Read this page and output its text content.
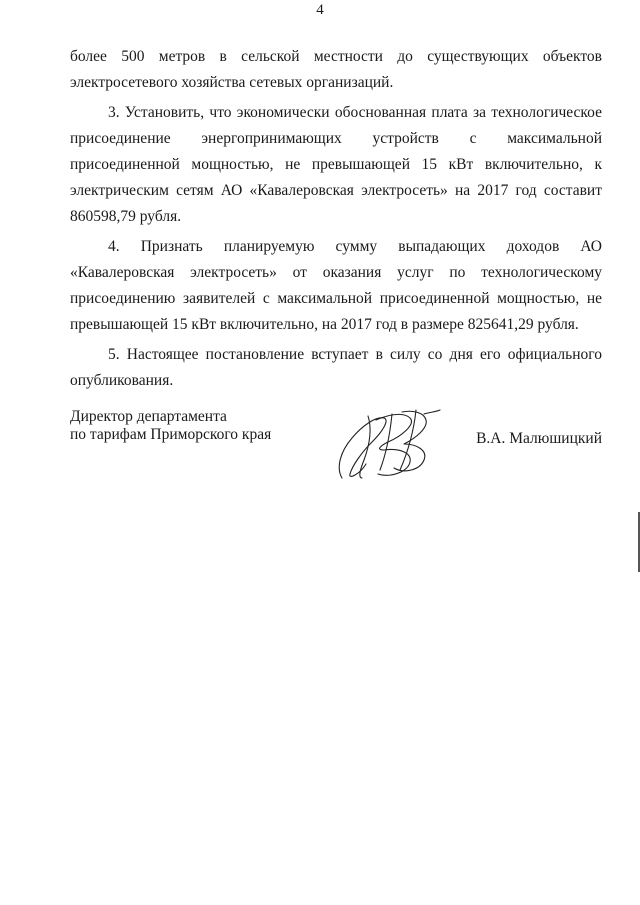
4

более 500 метров в сельской местности до существующих объектов электросетевого хозяйства сетевых организаций.

3. Установить, что экономически обоснованная плата за технологическое присоединение энергопринимающих устройств с максимальной присоединенной мощностью, не превышающей 15 кВт включительно, к электрическим сетям АО «Кавалеровская электросеть» на 2017 год составит 860598,79 рубля.

4. Признать планируемую сумму выпадающих доходов АО «Кавалеровская электросеть» от оказания услуг по технологическому присоединению заявителей с максимальной присоединенной мощностью, не превышающей 15 кВт включительно, на 2017 год в размере 825641,29 рубля.

5. Настоящее постановление вступает в силу со дня его официального опубликования.

Директор департамента
по тарифам Приморского края	В.А. Малюшицкий
